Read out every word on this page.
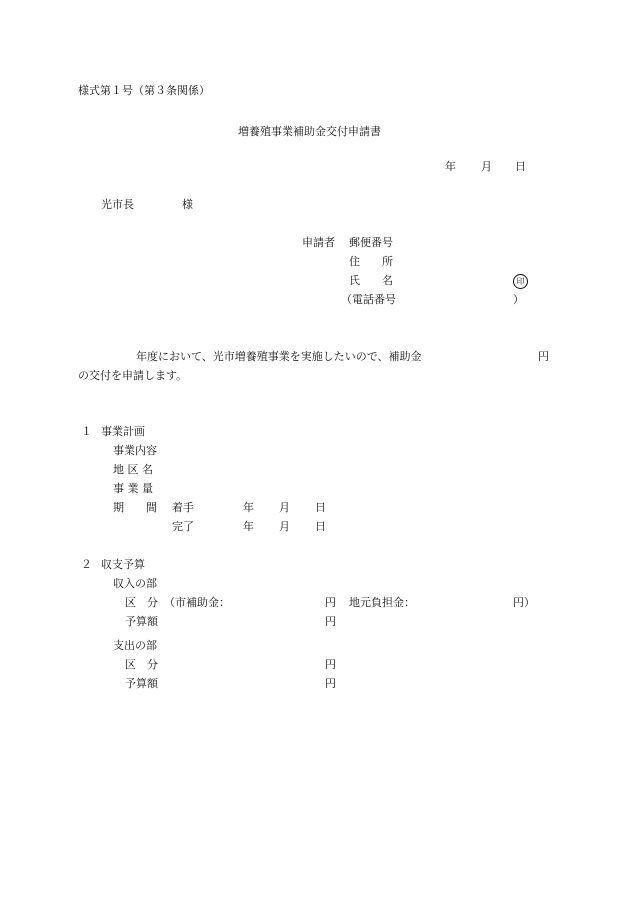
様式第１号（第３条関係）
増養殖事業補助金交付申請書
年 月 日
光市長	様
申請者 郵便番号
住　　所
氏　　名	印
（電話番号	）
年度において、光市増養殖事業を実施したいので、補助金	円
の交付を申請します。
１ 事業計画
事業内容
地 区 名
事 業 量
期　　間 着手	年 月 日
完了	年 月 日
２ 収支予算
収入の部
区　分 （市補助金：	円 地元負担金：	円）
予算額	円
支出の部
区　分	円
予算額	円
